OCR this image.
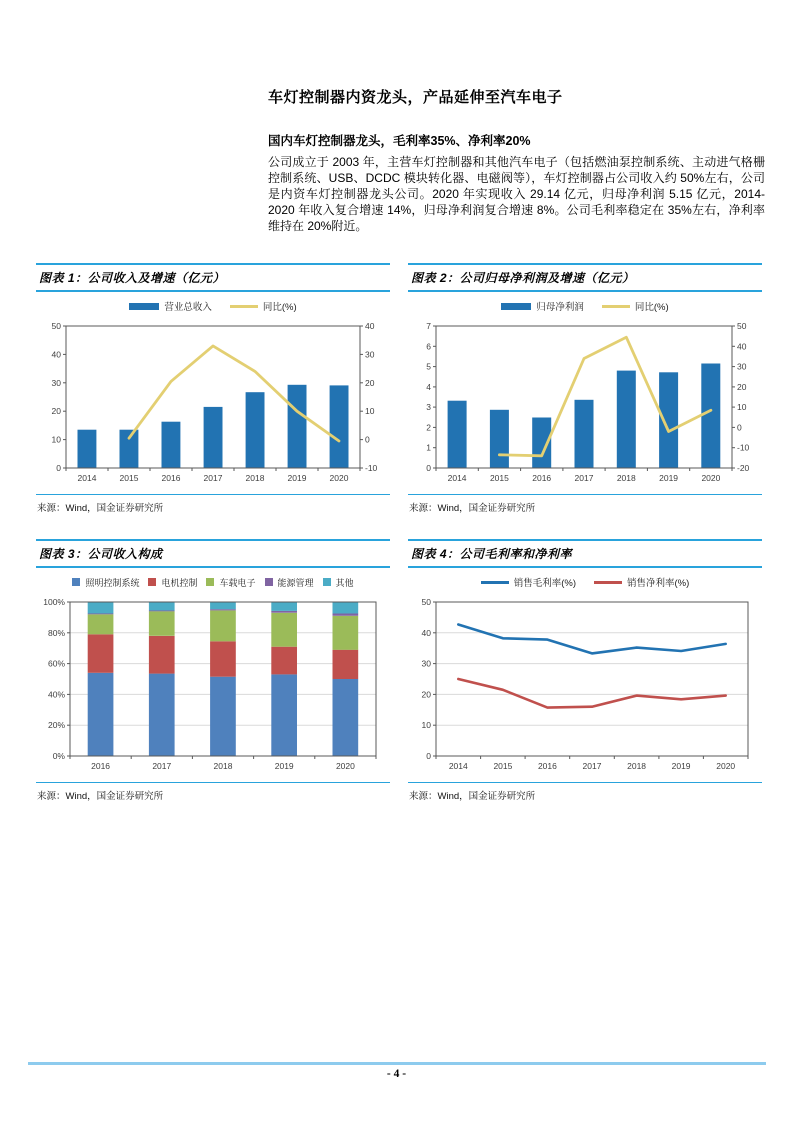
车灯控制器内资龙头，产品延伸至汽车电子
国内车灯控制器龙头，毛利率35%、净利率20%

公司成立于 2003 年，主营车灯控制器和其他汽车电子（包括燃油泵控制系统、主动进气格栅控制系统、USB、DCDC 模块转化器、电磁阀等），车灯控制器占公司收入约 50%左右，公司是内资车灯控制器龙头公司。2020 年实现收入 29.14 亿元，归母净利润 5.15 亿元，2014-2020 年收入复合增速 14%，归母净利润复合增速 8%。公司毛利率稳定在 35%左右，净利率维持在 20%附近。

图表 1：公司收入及增速（亿元）
营业总收入	同比(%)
0
10
20
30
40
50
-10
0
10
20
30
40
2014	2015	2016	2017	2018	2019	2020
来源：Wind，国金证券研究所
图表 2：公司归母净利润及增速（亿元）
归母净利润	同比(%)
0
1
2
3
4
5
6
7
-20
-10
0
10
20
30
40
50
2014	2015	2016	2017	2018	2019	2020
来源：Wind，国金证券研究所
图表 3：公司收入构成
照明控制系统 电机控制 车载电子 能源管理 其他
0%
20%
40%
60%
80%
100%
2016	2017	2018	2019	2020
来源：Wind，国金证券研究所
图表 4：公司毛利率和净利率
销售毛利率(%)	销售净利率(%)
0
10
20
30
40
50
2014	2015	2016	2017	2018	2019	2020
来源：Wind，国金证券研究所
- 4 -
